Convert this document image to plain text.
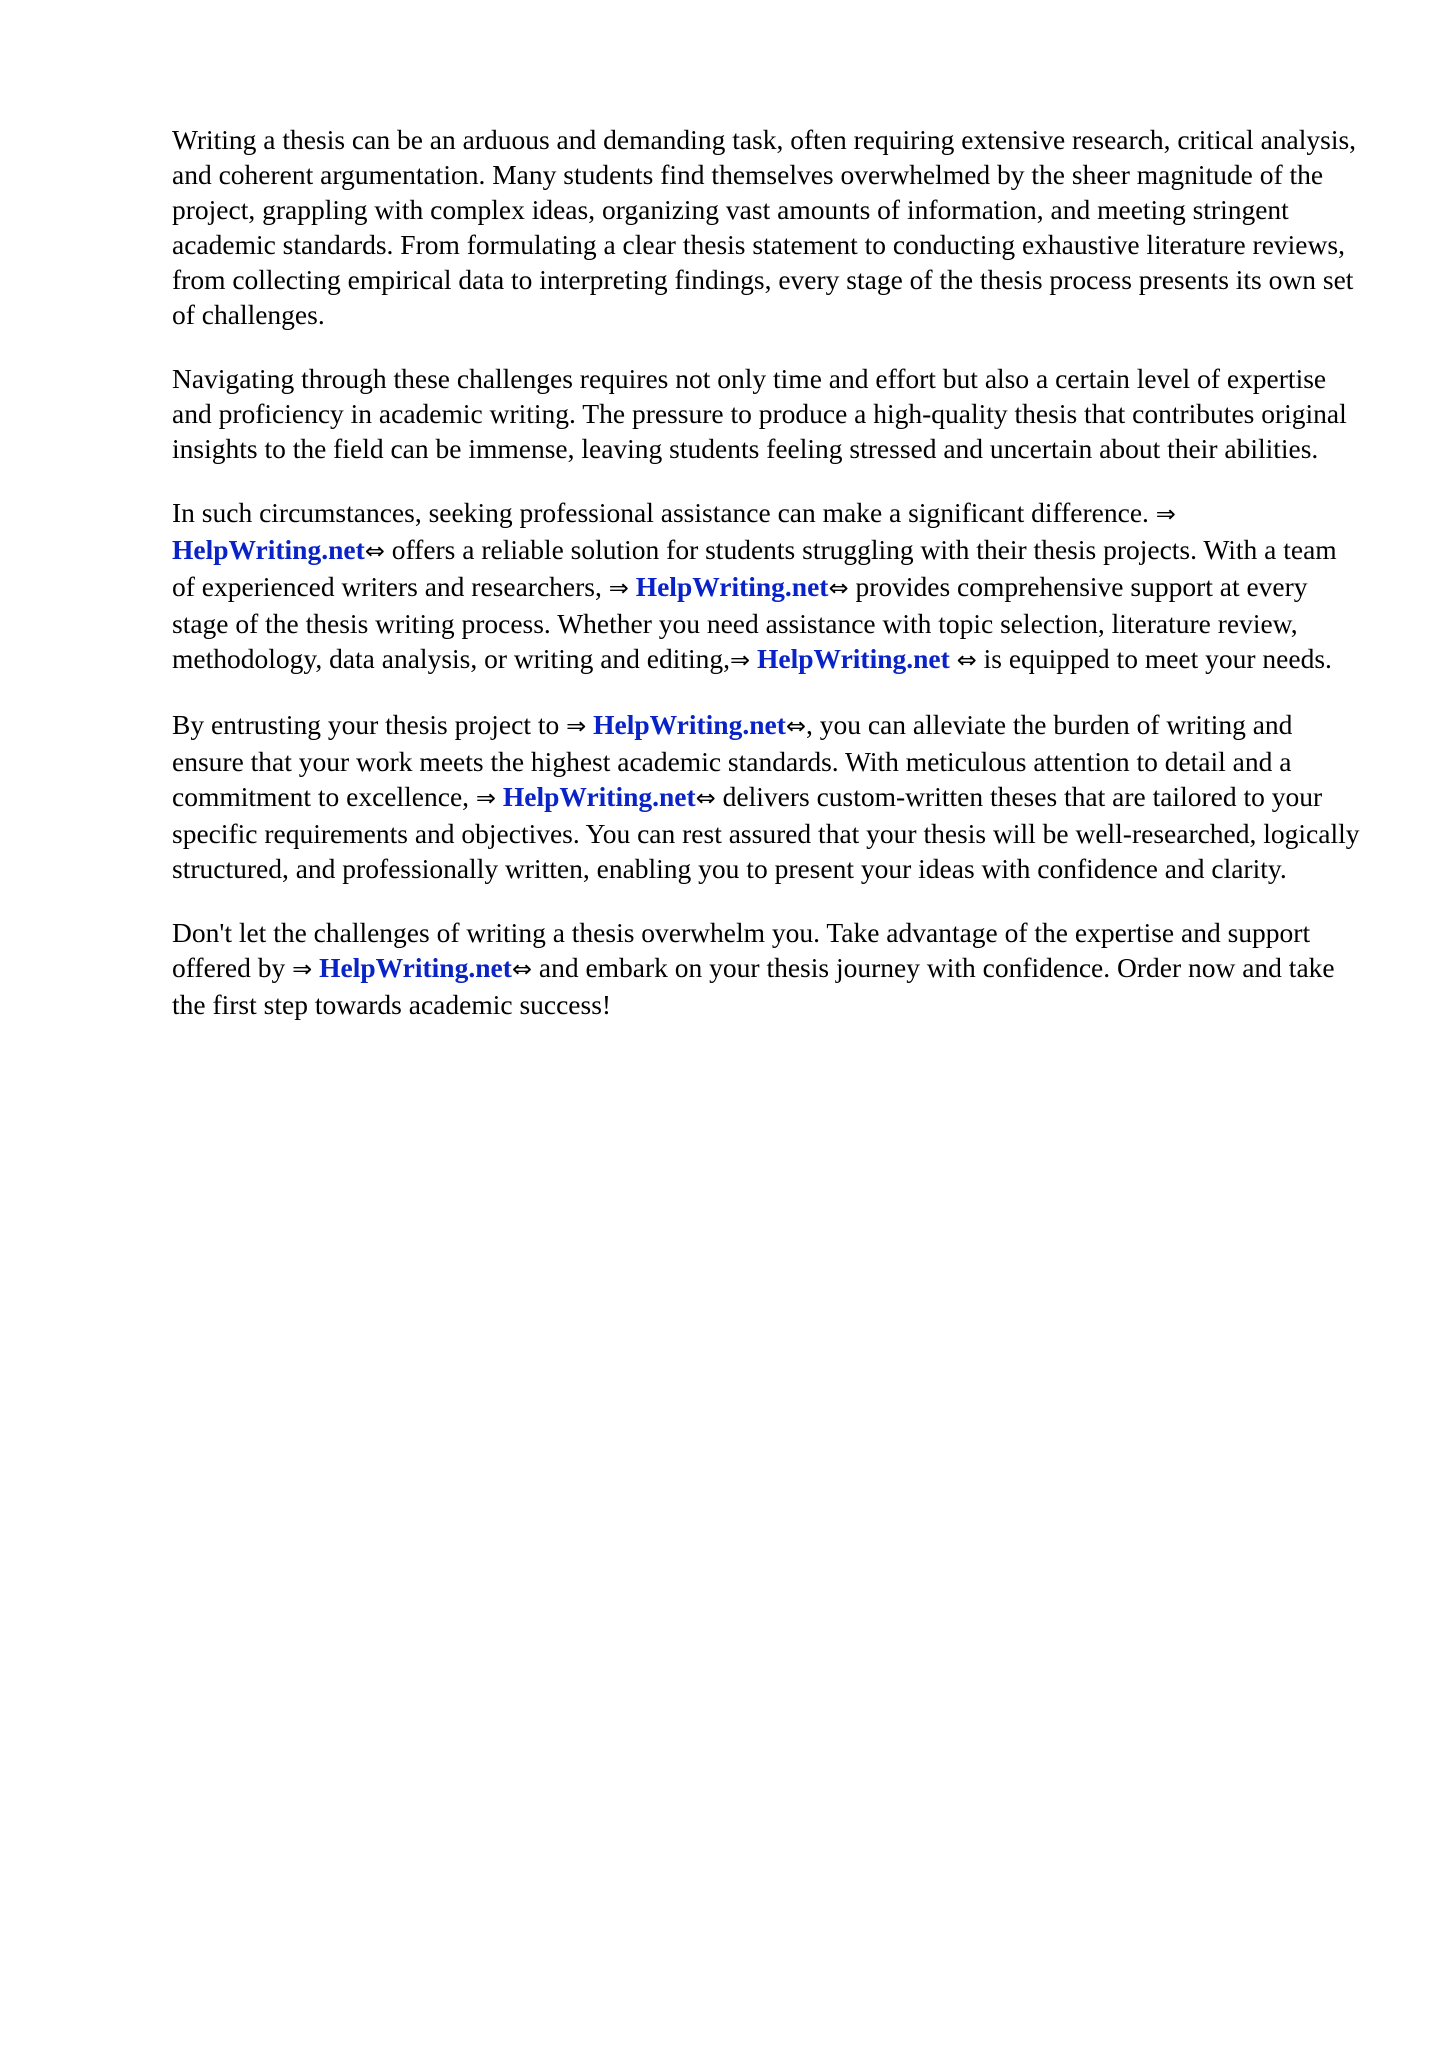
Writing a thesis can be an arduous and demanding task, often requiring extensive research, critical analysis, and coherent argumentation. Many students find themselves overwhelmed by the sheer magnitude of the project, grappling with complex ideas, organizing vast amounts of information, and meeting stringent academic standards. From formulating a clear thesis statement to conducting exhaustive literature reviews, from collecting empirical data to interpreting findings, every stage of the thesis process presents its own set of challenges.

Navigating through these challenges requires not only time and effort but also a certain level of expertise and proficiency in academic writing. The pressure to produce a high-quality thesis that contributes original insights to the field can be immense, leaving students feeling stressed and uncertain about their abilities.

In such circumstances, seeking professional assistance can make a significant difference. ⇒ HelpWriting.net⇔ offers a reliable solution for students struggling with their thesis projects. With a team of experienced writers and researchers, ⇒ HelpWriting.net⇔ provides comprehensive support at every stage of the thesis writing process. Whether you need assistance with topic selection, literature review, methodology, data analysis, or writing and editing,⇒ HelpWriting.net ⇔ is equipped to meet your needs.

By entrusting your thesis project to ⇒ HelpWriting.net⇔, you can alleviate the burden of writing and ensure that your work meets the highest academic standards. With meticulous attention to detail and a commitment to excellence, ⇒ HelpWriting.net⇔ delivers custom-written theses that are tailored to your specific requirements and objectives. You can rest assured that your thesis will be well-researched, logically structured, and professionally written, enabling you to present your ideas with confidence and clarity.

Don't let the challenges of writing a thesis overwhelm you. Take advantage of the expertise and support offered by ⇒ HelpWriting.net⇔ and embark on your thesis journey with confidence. Order now and take the first step towards academic success!
